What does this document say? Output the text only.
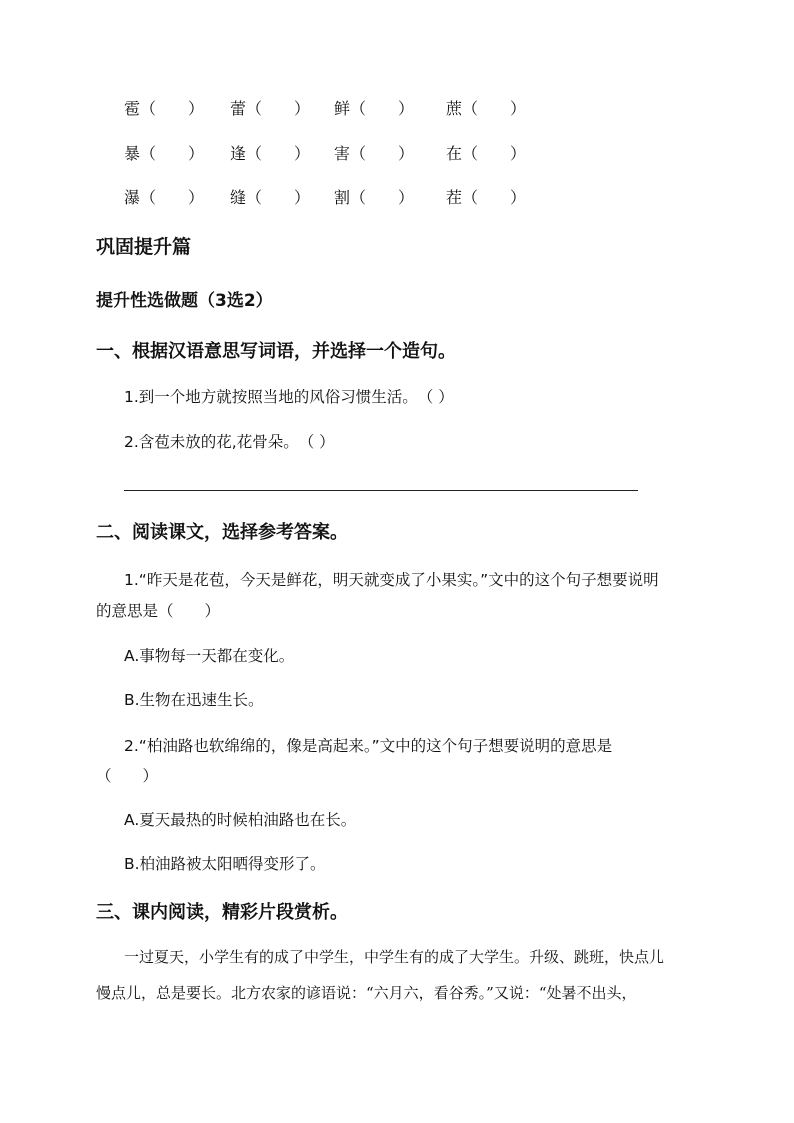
雹（　　） 蕾（　　） 鲜（　　） 蔗（　　）
暴（　　） 逢（　　） 害（　　） 在（　　）
瀑（　　） 缝（　　） 割（　　） 茬（　　）
巩固提升篇
提升性选做题（3选2）
一、根据汉语意思写词语，并选择一个造句。
1.到一个地方就按照当地的风俗习惯生活。　（ ）
2.含苞未放的花,花骨朵。　（ ）
二、阅读课文，选择参考答案。
1.“昨天是花苞，今天是鲜花，明天就变成了小果实。”文中的这个句子想要说明
的意思是（　　）
A.事物每一天都在变化。
B.生物在迅速生长。
2.“柏油路也软绵绵的，像是高起来。”文中的这个句子想要说明的意思是
（　　）
A.夏天最热的时候柏油路也在长。
B.柏油路被太阳晒得变形了。
三、课内阅读，精彩片段赏析。
一过夏天，小学生有的成了中学生，中学生有的成了大学生。升级、跳班，快点儿
慢点儿，总是要长。北方农家的谚语说：“六月六，看谷秀。”又说：“处暑不出头，
